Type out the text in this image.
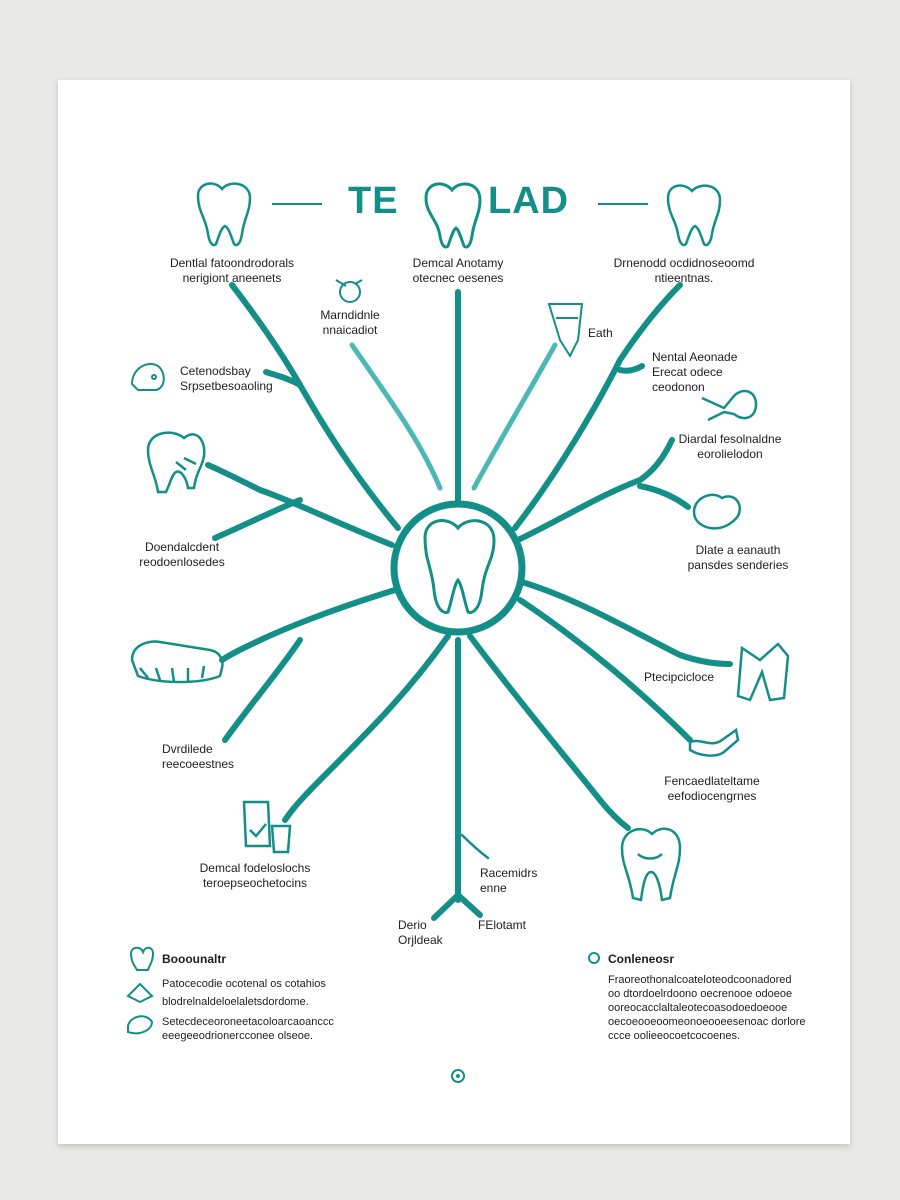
TE LAD
Dentlal fatoondrodorals
nerigiont aneenets
Demcal Anotamy
otecnec oesenes
Drnenodd ocdidnoseoomd
ntieentnas.
Marndidnle
nnaicadiot	Eath
Cetenodsbay
Srpsetbesoaoling
Nental Aeonade
Erecat odece
ceodonon
Diardal fesolnaldne
eorolielodon
Doendalcdent
reodoenlosedes
Dlate a eanauth
pansdes senderies
Ptecipcicloce
Dvrdilede
reecoeestnes
Fencaedlateltame
eefodiocengrnes
Demcal fodeloslochs
teroepseochetocins
Racemidrs
enne
Derio
Orjldeak
FElotamt
Booounaltr
Patocecodie ocotenal os cotahios
blodrelnaldeloelaletsdordome.
Setecdeceoroneetacoloarcaoanccc
eeegeeodrionercconee olseoe.
Conleneosr
Fraoreothonalcoateloteodcoonadored
oo dtordoelrdoono oecrenooe odoeoe
ooreocacclaltaleotecoasodoedoeooe
oecoeooeoomeonoeooeesenoac dorlore
ccce oolieeocoetcocoenes.
